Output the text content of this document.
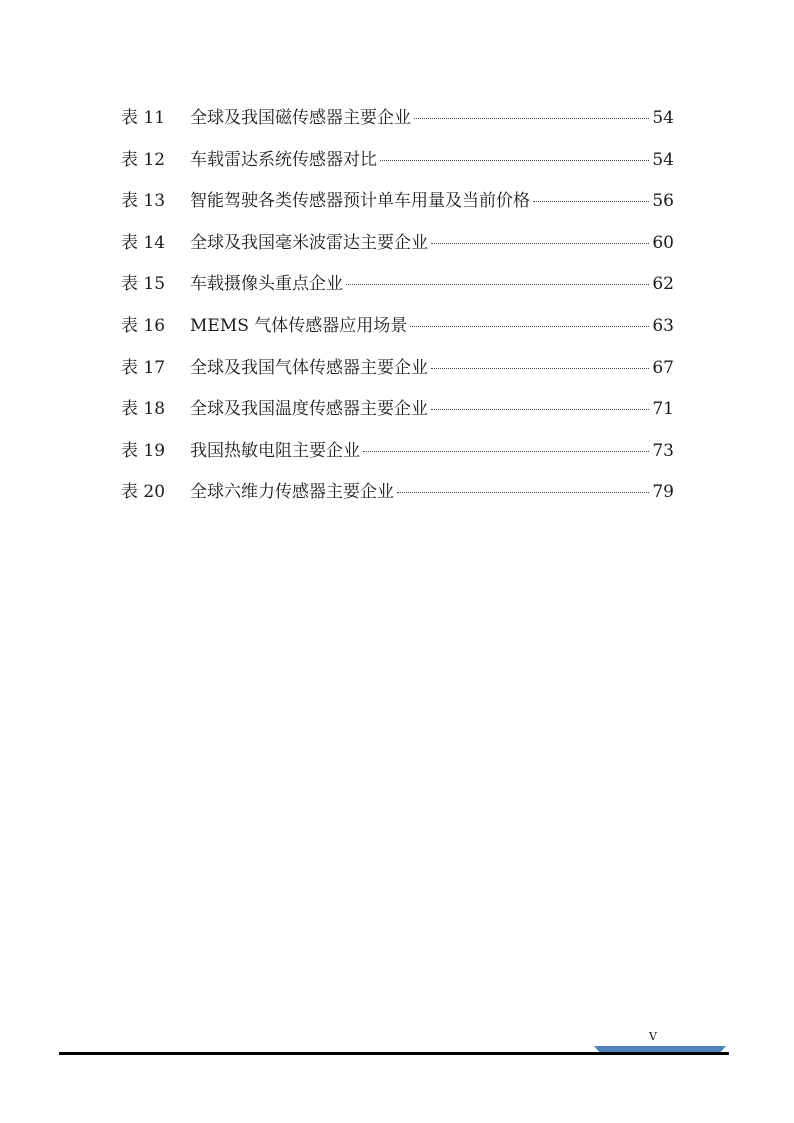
表 11	全球及我国磁传感器主要企业	54
表 12	车载雷达系统传感器对比	54
表 13	智能驾驶各类传感器预计单车用量及当前价格	56
表 14	全球及我国毫米波雷达主要企业	60
表 15	车载摄像头重点企业	62
表 16	MEMS 气体传感器应用场景	63
表 17	全球及我国气体传感器主要企业	67
表 18	全球及我国温度传感器主要企业	71
表 19	我国热敏电阻主要企业	73
表 20	全球六维力传感器主要企业	79
V
